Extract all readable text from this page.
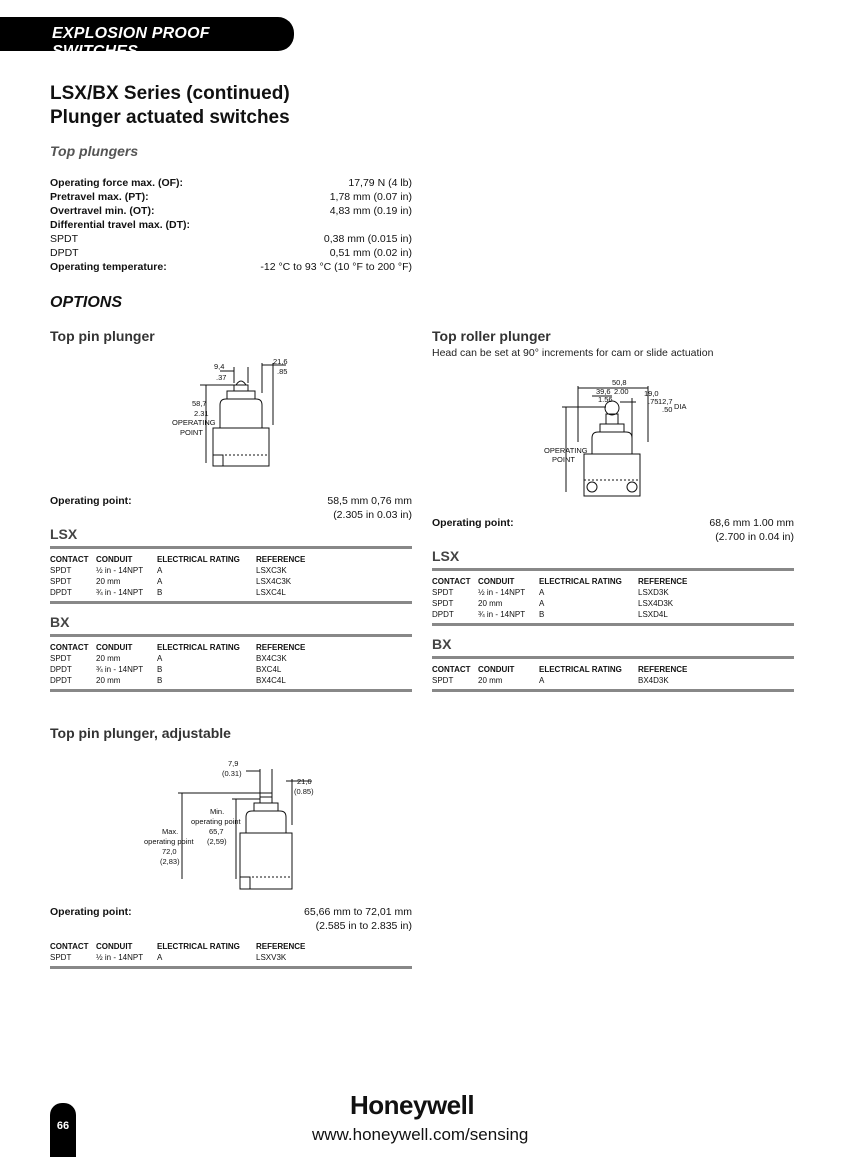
EXPLOSION PROOF SWITCHES
LSX/BX Series (continued)
Plunger actuated switches
Top plungers
Operating force max. (OF):	17,79 N (4 lb)
Pretravel max. (PT):	1,78 mm (0.07 in)
Overtravel min. (OT):	4,83 mm (0.19 in)
Differential travel max. (DT):
SPDT	0,38 mm (0.015 in)
DPDT	0,51 mm (0.02 in)
Operating temperature:	-12 °C to 93 °C (10 °F to 200 °F)
OPTIONS
Top pin plunger
9,4
.37
21,6
.85
58,7
2.31
OPERATING
POINT
Operating point:	58,5 mm 0,76 mm
(2.305 in 0.03 in)
LSX
CONTACT CONDUIT	ELECTRICAL RATING	REFERENCE
SPDT	½ in - 14NPT	A	LSXC3K
SPDT	20 mm	A	LSX4C3K
DPDT	¾ in - 14NPT	B	LSXC4L
BX
CONTACT CONDUIT	ELECTRICAL RATING	REFERENCE
SPDT	20 mm	A	BX4C3K
DPDT	¾ in - 14NPT	B	BXC4L
DPDT	20 mm	B	BX4C4L
Top roller plunger
Head can be set at 90° increments for cam or slide actuation
50,8
39,6 2.00
1.56
19,0
.75 12,7
.50 DIA
OPERATING
POINT
Operating point:	68,6 mm 1.00 mm
(2.700 in 0.04 in)
LSX
CONTACT CONDUIT	ELECTRICAL RATING	REFERENCE
SPDT	½ in - 14NPT	A	LSXD3K
SPDT	20 mm	A	LSX4D3K
DPDT	¾ in - 14NPT	B	LSXD4L
BX
CONTACT CONDUIT	ELECTRICAL RATING	REFERENCE
SPDT	20 mm	A	BX4D3K
Top pin plunger, adjustable
7,9
(0.31)
21,6
(0.85)
Min.
operating point
65,7
(2,59)
Max.
operating point
72,0
(2,83)
Operating point:	65,66 mm to 72,01 mm
(2.585 in to 2.835 in)
CONTACT CONDUIT	ELECTRICAL RATING	REFERENCE
SPDT	½ in - 14NPT	A	LSXV3K
66
Honeywell
www.honeywell.com/sensing
